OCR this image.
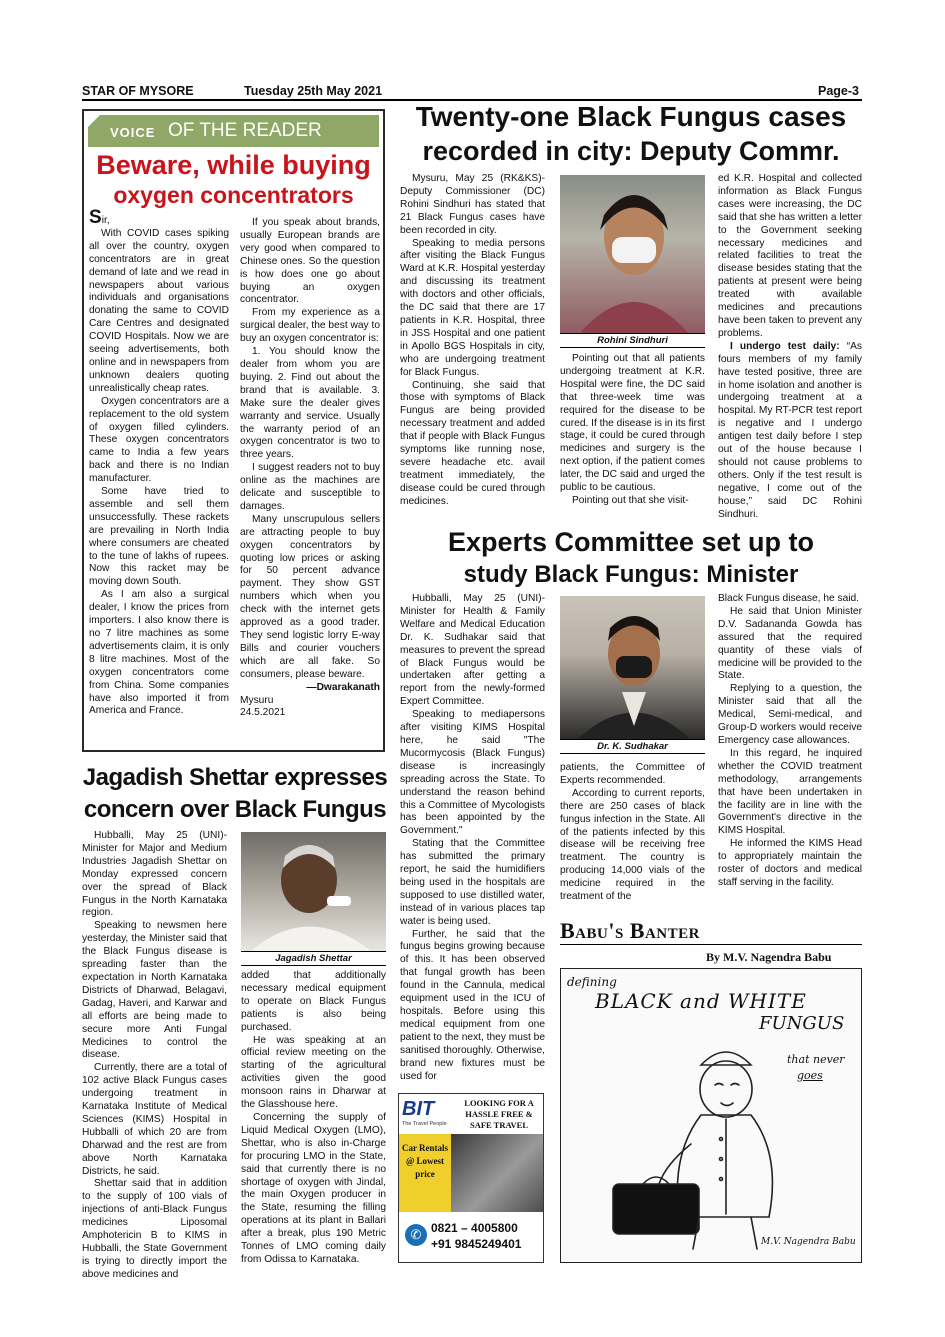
STAR OF MYSORE	Tuesday 25th May 2021	Page-3
VOICE OF THE READER
Beware, while buying
oxygen concentrators

Sir,

With COVID cases spiking all over the country, oxygen concentrators are in great demand of late and we read in newspapers about various individuals and organisations donating the same to COVID Care Centres and designated COVID Hospitals. Now we are seeing advertisements, both online and in newspapers from unknown dealers quoting unrealistically cheap rates.

Oxygen concentrators are a replacement to the old system of oxygen filled cylinders. These oxygen concentrators came to India a few years back and there is no Indian manufacturer.

Some have tried to assemble and sell them unsuccessfully. These rackets are prevailing in North India where consumers are cheated to the tune of lakhs of rupees. Now this racket may be moving down South.

As I am also a surgical dealer, I know the prices from importers. I also know there is no 7 litre machines as some advertisements claim, it is only 8 litre machines. Most of the oxygen concentrators come from China. Some companies have also imported it from America and France.

If you speak about brands, usually European brands are very good when compared to Chinese ones. So the question is how does one go about buying an oxygen concentrator.

From my experience as a surgical dealer, the best way to buy an oxygen concentrator is:

1. You should know the dealer from whom you are buying. 2. Find out about the brand that is available. 3. Make sure the dealer gives warranty and service. Usually the warranty period of an oxygen concentrator is two to three years.

I suggest readers not to buy online as the machines are delicate and susceptible to damages.

Many unscrupulous sellers are attracting people to buy oxygen concentrators by quoting low prices or asking for 50 percent advance payment. They show GST numbers which when you check with the internet gets approved as a good trader. They send logistic lorry E-way Bills and courier vouchers which are all fake. So consumers, please beware.

—Dwarakanath

Mysuru

24.5.2021

Twenty-one Black Fungus cases
recorded in city: Deputy Commr.

Mysuru, May 25 (RK&KS)- Deputy Commissioner (DC) Rohini Sindhuri has stated that 21 Black Fungus cases have been recorded in city.

Speaking to media persons after visiting the Black Fungus Ward at K.R. Hospital yesterday and discussing its treatment with doctors and other officials, the DC said that there are 17 patients in K.R. Hospital, three in JSS Hospital and one patient in Apollo BGS Hospitals in city, who are undergoing treatment for Black Fungus.

Continuing, she said that those with symptoms of Black Fungus are being provided necessary treatment and added that if people with Black Fungus symptoms like running nose, severe headache etc. avail treatment immediately, the disease could be cured through medicines.

Rohini Sindhuri

Pointing out that all patients undergoing treatment at K.R. Hospital were fine, the DC said that three-week time was required for the disease to be cured. If the disease is in its first stage, it could be cured through medicines and surgery is the next option, if the patient comes later, the DC said and urged the public to be cautious.

Pointing out that she visit-

ed K.R. Hospital and collected information as Black Fungus cases were increasing, the DC said that she has written a letter to the Government seeking necessary medicines and related facilities to treat the disease besides stating that the patients at present were being treated with available medicines and precautions have been taken to prevent any problems.

I undergo test daily: “As fours members of my family have tested positive, three are in home isolation and another is undergoing treatment at a hospital. My RT-PCR test report is negative and I undergo antigen test daily before I step out of the house because I should not cause problems to others. Only if the test result is negative, I come out of the house,” said DC Rohini Sindhuri.

Experts Committee set up to
study Black Fungus: Minister

Hubballi, May 25 (UNI)- Minister for Health & Family Welfare and Medical Education Dr. K. Sudhakar said that measures to prevent the spread of Black Fungus would be undertaken after getting a report from the newly-formed Expert Committee.

Speaking to mediapersons after visiting KIMS Hospital here, he said "The Mucormycosis (Black Fungus) disease is increasingly spreading across the State. To understand the reason behind this a Committee of Mycologists has been appointed by the Government."

Stating that the Committee has submitted the primary report, he said the humidifiers being used in the hospitals are supposed to use distilled water, instead of in various places tap water is being used.

Further, he said that the fungus begins growing because of this. It has been observed that fungal growth has been found in the Cannula, medical equipment used in the ICU of hospitals. Before using this medical equipment from one patient to the next, they must be sanitised thoroughly. Otherwise, brand new fixtures must be used for

Dr. K. Sudhakar

patients, the Committee of Experts recommended.

According to current reports, there are 250 cases of black fungus infection in the State. All of the patients infected by this disease will be receiving free treatment. The country is producing 14,000 vials of the medicine required in the treatment of the

Black Fungus disease, he said.

He said that Union Minister D.V. Sadananda Gowda has assured that the required quantity of these vials of medicine will be provided to the State.

Replying to a question, the Minister said that all the Medical, Semi-medical, and Group-D workers would receive Emergency case allowances.

In this regard, he inquired whether the COVID treatment methodology, arrangements that have been undertaken in the facility are in line with the Government's directive in the KIMS Hospital.

He informed the KIMS Head to appropriately maintain the roster of doctors and medical staff serving in the facility.

Jagadish Shettar expresses
concern over Black Fungus

Hubballi, May 25 (UNI)- Minister for Major and Medium Industries Jagadish Shettar on Monday expressed concern over the spread of Black Fungus in the North Karnataka region.

Speaking to newsmen here yesterday, the Minister said that the Black Fungus disease is spreading faster than the expectation in North Karnataka Districts of Dharwad, Belagavi, Gadag, Haveri, and Karwar and all efforts are being made to secure more Anti Fungal Medicines to control the disease.

Currently, there are a total of 102 active Black Fungus cases undergoing treatment in Karnataka Institute of Medical Sciences (KIMS) Hospital in Hubballi of which 20 are from Dharwad and the rest are from above North Karnataka Districts, he said.

Shettar said that in addition to the supply of 100 vials of injections of anti-Black Fungus medicines Liposomal Amphotericin B to KIMS in Hubballi, the State Government is trying to directly import the above medicines and

Jagadish Shettar

added that additionally necessary medical equipment to operate on Black Fungus patients is also being purchased.

He was speaking at an official review meeting on the starting of the agricultural activities given the good monsoon rains in Dharwar at the Glasshouse here.

Concerning the supply of Liquid Medical Oxygen (LMO), Shettar, who is also in-Charge for procuring LMO in the State, said that currently there is no shortage of oxygen with Jindal, the main Oxygen producer in the State, resuming the filling operations at its plant in Ballari after a break, plus 190 Metric Tonnes of LMO coming daily from Odissa to Karnataka.

BIT
The Travel People
LOOKING FOR A HASSLE FREE & SAFE TRAVEL
Car Rentals @ Lowest price
✆ 0821 – 4005800
+91 9845249401
Babu's Banter
By M.V. Nagendra Babu
defining
BLACK and WHITE
FUNGUS
that never
goes
M.V. Nagendra Babu
